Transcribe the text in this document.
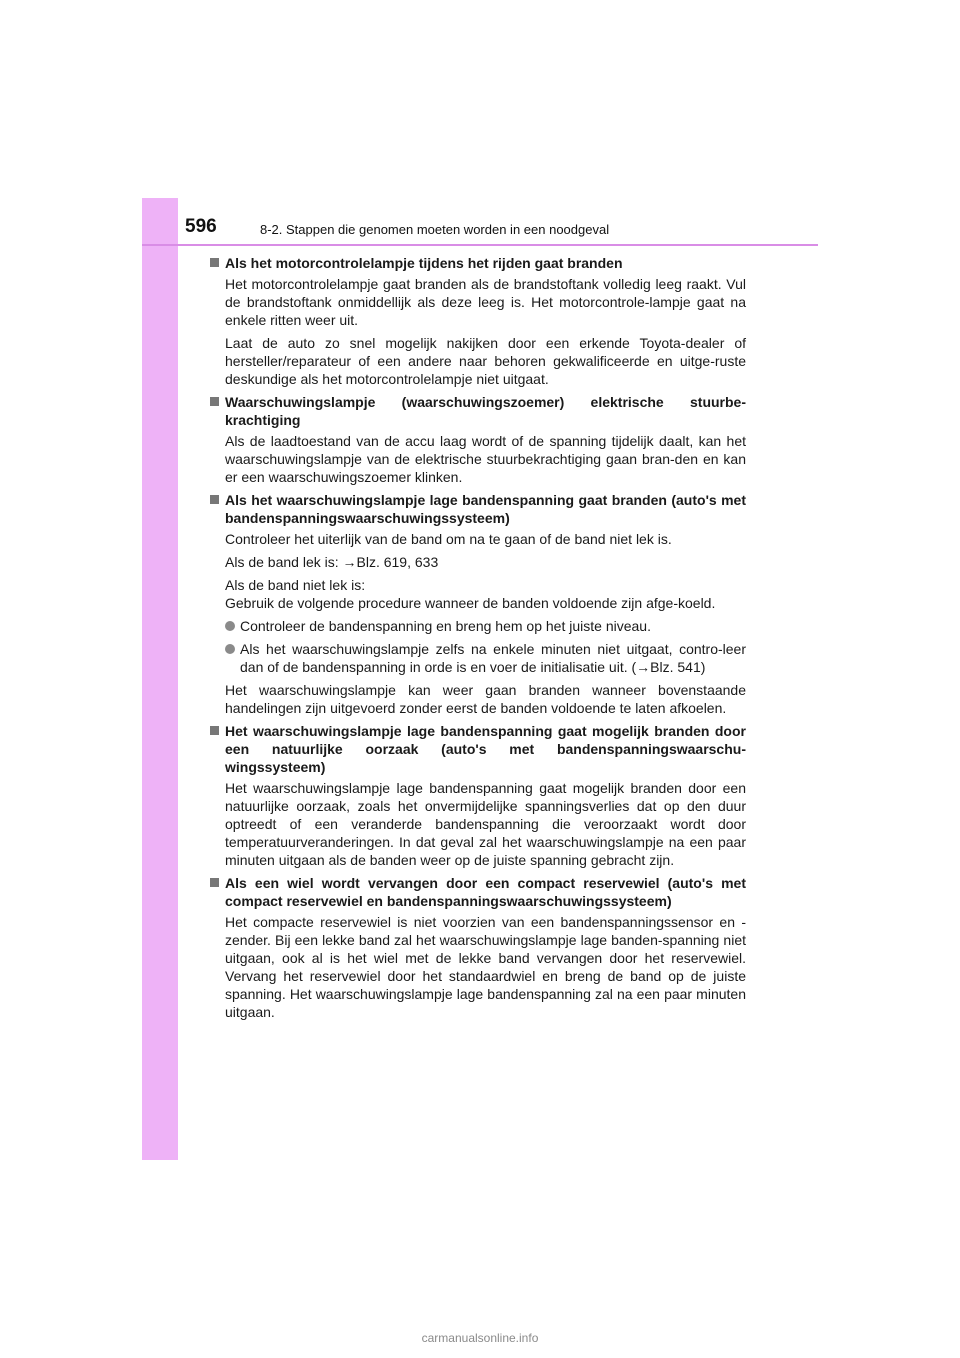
596	8-2. Stappen die genomen moeten worden in een noodgeval
Als het motorcontrolelampje tijdens het rijden gaat branden

Het motorcontrolelampje gaat branden als de brandstoftank volledig leeg raakt. Vul de brandstoftank onmiddellijk als deze leeg is. Het motorcontrole-lampje gaat na enkele ritten weer uit.

Laat de auto zo snel mogelijk nakijken door een erkende Toyota-dealer of hersteller/reparateur of een andere naar behoren gekwalificeerde en uitge-ruste deskundige als het motorcontrolelampje niet uitgaat.

Waarschuwingslampje (waarschuwingszoemer) elektrische stuurbe-krachtiging

Als de laadtoestand van de accu laag wordt of de spanning tijdelijk daalt, kan het waarschuwingslampje van de elektrische stuurbekrachtiging gaan bran-den en kan er een waarschuwingszoemer klinken.

Als het waarschuwingslampje lage bandenspanning gaat branden (auto's met bandenspanningswaarschuwingssysteem)

Controleer het uiterlijk van de band om na te gaan of de band niet lek is.

Als de band lek is: →Blz. 619, 633

Als de band niet lek is:
Gebruik de volgende procedure wanneer de banden voldoende zijn afge-koeld.

Controleer de bandenspanning en breng hem op het juiste niveau.
Als het waarschuwingslampje zelfs na enkele minuten niet uitgaat, contro-leer dan of de bandenspanning in orde is en voer de initialisatie uit. (→Blz. 541)

Het waarschuwingslampje kan weer gaan branden wanneer bovenstaande handelingen zijn uitgevoerd zonder eerst de banden voldoende te laten afkoelen.

Het waarschuwingslampje lage bandenspanning gaat mogelijk branden door een natuurlijke oorzaak (auto's met bandenspanningswaarschu-wingssysteem)

Het waarschuwingslampje lage bandenspanning gaat mogelijk branden door een natuurlijke oorzaak, zoals het onvermijdelijke spanningsverlies dat op den duur optreedt of een veranderde bandenspanning die veroorzaakt wordt door temperatuurveranderingen. In dat geval zal het waarschuwingslampje na een paar minuten uitgaan als de banden weer op de juiste spanning gebracht zijn.

Als een wiel wordt vervangen door een compact reservewiel (auto's met compact reservewiel en bandenspanningswaarschuwingssysteem)

Het compacte reservewiel is niet voorzien van een bandenspanningssensor en -zender. Bij een lekke band zal het waarschuwingslampje lage banden-spanning niet uitgaan, ook al is het wiel met de lekke band vervangen door het reservewiel. Vervang het reservewiel door het standaardwiel en breng de band op de juiste spanning. Het waarschuwingslampje lage bandenspanning zal na een paar minuten uitgaan.

carmanualsonline.info
